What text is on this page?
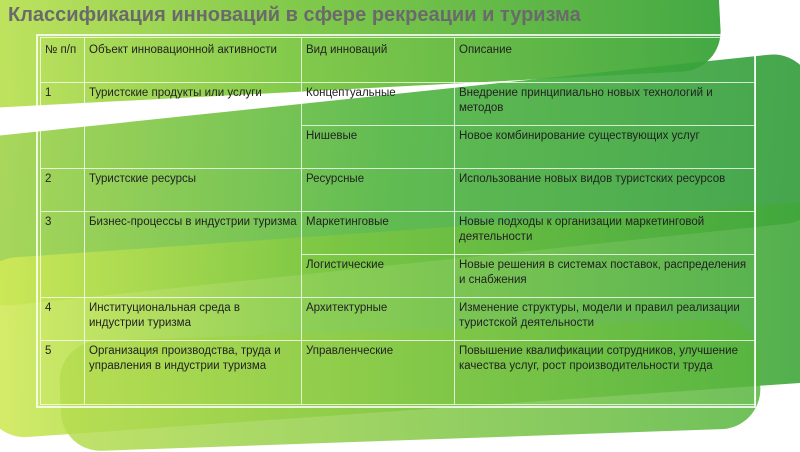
Классификация инноваций в сфере рекреации и туризма
№ п/п	Объект инновационной активности	Вид инноваций	Описание
1	Туристские продукты или услуги	Концептуальные	Внедрение принципиально новых технологий и методов
		Нишевые	Новое комбинирование существующих услуг
2	Туристские ресурсы	Ресурсные	Использование новых видов туристских ресурсов
3	Бизнес-процессы в индустрии туризма	Маркетинговые	Новые подходы к организации маркетинговой деятельности
		Логистические	Новые решения в системах поставок, распределения и снабжения
4	Институциональная среда в индустрии туризма	Архитектурные	Изменение структуры, модели и правил реализации туристской деятельности
5	Организация производства, труда и управления в индустрии туризма	Управленческие	Повышение квалификации сотрудников, улучшение качества услуг, рост производительности труда
